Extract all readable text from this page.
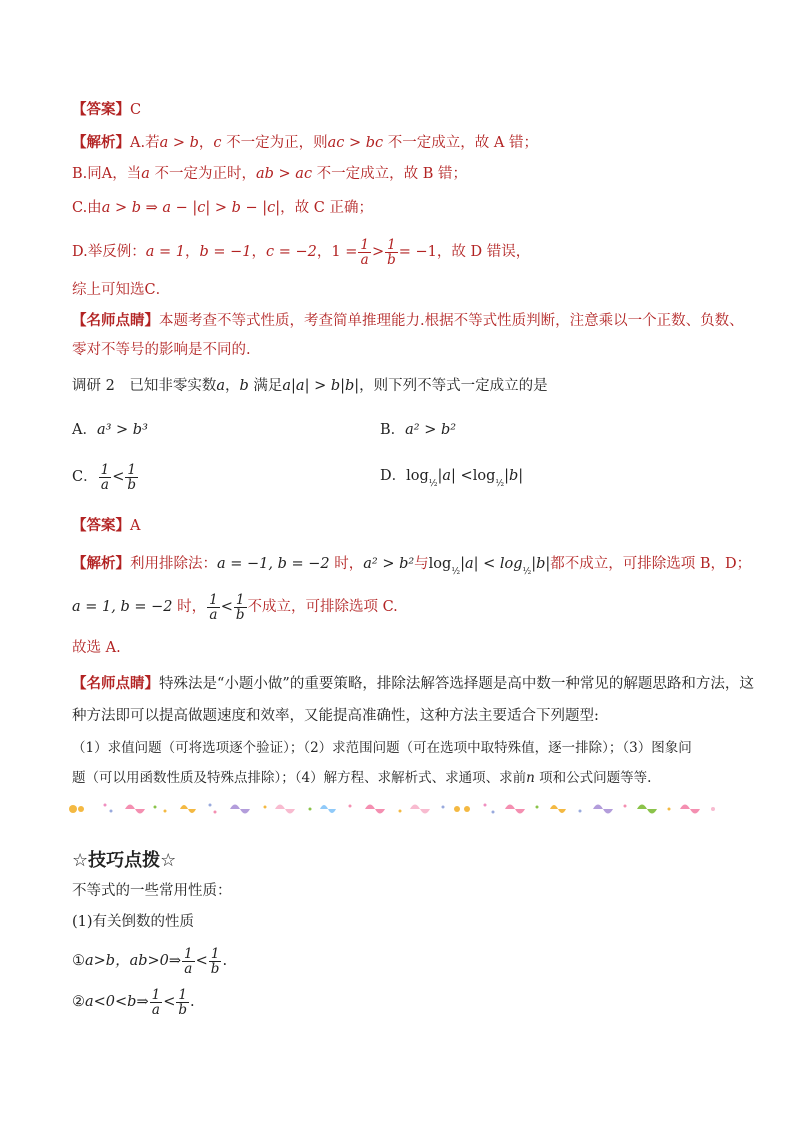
【答案】C
【解析】A.若a > b，c 不一定为正，则ac > bc 不一定成立，故 A 错；
B.同A，当a 不一定为正时，ab > ac 不一定成立，故 B 错；
C.由a > b ⇒ a − |c| > b − |c|，故 C 正确；
D.举反例：a = 1，b = −1，c = −2，$1 = \frac{1}{a} > \frac{1}{b} = -1$，故 D 错误，
综上可知选C．
【名师点睛】本题考查不等式性质，考查简单推理能力.根据不等式性质判断，注意乘以一个正数、负数、
零对不等号的影响是不同的.
调研 2　已知非零实数a，b 满足a|a| > b|b|，则下列不等式一定成立的是
A．a³ > b³	B．a² > b²
C． $\frac{1}{a} < \frac{1}{b}$	D．$\log_{\frac{1}{2}}|a| <\log_{\frac{1}{2}}|b|$
【答案】A
【解析】利用排除法：a = −1, b = −2 时，a² > b²与$\log_{\frac{1}{2}}|a| < \log_{\frac{1}{2}}|b|$都不成立，可排除选项 B，D；
a = 1, b = −2 时， $\frac{1}{a} < \frac{1}{b}$ 不成立，可排除选项 C.
故选 A.
【名师点睛】特殊法是“小题小做”的重要策略，排除法解答选择题是高中数一种常见的解题思路和方法，这
种方法即可以提高做题速度和效率，又能提高准确性，这种方法主要适合下列题型:
（1）求值问题（可将选项逐个验证）；（2）求范围问题（可在选项中取特殊值，逐一排除）；（3）图象问
题（可以用函数性质及特殊点排除）；（4）解方程、求解析式、求通项、求前n 项和公式问题等等.
☆技巧点拨☆
不等式的一些常用性质：
(1)有关倒数的性质
①a>b，ab>0⇒ $\frac{1}{a} < \frac{1}{b}$ .
②a<0<b⇒ $\frac{1}{a} < \frac{1}{b}$ .
